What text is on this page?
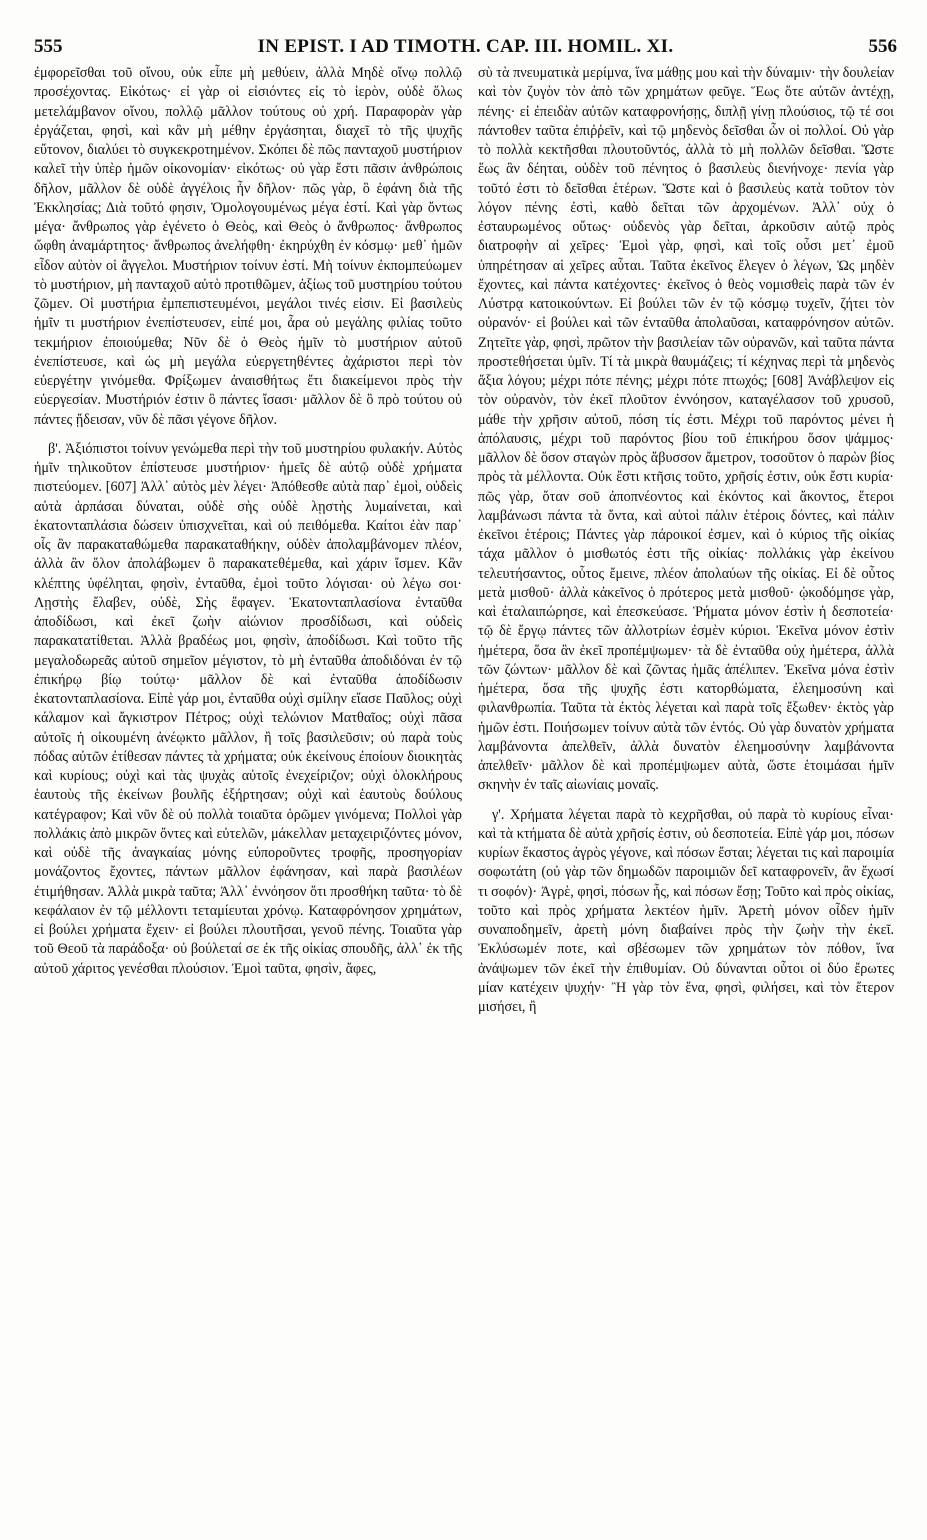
555	IN EPIST. I AD TIMOTH. CAP. III. HOMIL. XI.	556

ἐμφορεῖσθαι τοῦ οἴνου, οὐκ εἶπε μὴ μεθύειν, ἀλλὰ Μηδὲ οἴνῳ πολλῷ προσέχοντας. Εἰκότως· εἰ γὰρ οἱ εἰσιόντες εἰς τὸ ἱερὸν, οὐδὲ ὅλως μετελάμβανον οἴνου, πολλῷ μᾶλλον τούτους οὐ χρή. Παραφορὰν γὰρ ἐργάζεται, φησὶ, καὶ κἂν μὴ μέθην ἐργάσηται, διαχεῖ τὸ τῆς ψυχῆς εὔτονον, διαλύει τὸ συγκεκροτημένον. Σκόπει δὲ πῶς πανταχοῦ μυστήριον καλεῖ τὴν ὑπὲρ ἡμῶν οἰκονομίαν· εἰκότως· οὐ γὰρ ἔστι πᾶσιν ἀνθρώποις δῆλον, μᾶλλον δὲ οὐδὲ ἀγγέλοις ἦν δῆλον· πῶς γὰρ, ὃ ἐφάνη διὰ τῆς Ἐκκλησίας; Διὰ τοῦτό φησιν, Ὁμολογουμένως μέγα ἐστί. Καὶ γὰρ ὄντως μέγα· ἄνθρωπος γὰρ ἐγένετο ὁ Θεὸς, καὶ Θεὸς ὁ ἄνθρωπος· ἄνθρωπος ὤφθη ἀναμάρτητος· ἄνθρωπος ἀνελήφθη· ἐκηρύχθη ἐν κόσμῳ· μεθ᾽ ἡμῶν εἶδον αὐτὸν οἱ ἄγγελοι. Μυστήριον τοίνυν ἐστί. Μὴ τοίνυν ἐκπομπεύωμεν τὸ μυστήριον, μὴ πανταχοῦ αὐτὸ προτιθῶμεν, ἀξίως τοῦ μυστηρίου τούτου ζῶμεν. Οἱ μυστήρια ἐμπεπιστευμένοι, μεγάλοι τινές εἰσιν. Εἰ βασιλεὺς ἡμῖν τι μυστήριον ἐνεπίστευσεν, εἰπέ μοι, ἆρα οὐ μεγάλης φιλίας τοῦτο τεκμήριον ἐποιούμεθα; Νῦν δὲ ὁ Θεὸς ἡμῖν τὸ μυστήριον αὐτοῦ ἐνεπίστευσε, καὶ ὡς μὴ μεγάλα εὐεργετηθέντες ἀχάριστοι περὶ τὸν εὐεργέτην γινόμεθα. Φρίξωμεν ἀναισθήτως ἔτι διακείμενοι πρὸς τὴν εὐεργεσίαν. Μυστήριόν ἐστιν ὃ πάντες ἴσασι· μᾶλλον δὲ ὃ πρὸ τούτου οὐ πάντες ᾔδεισαν, νῦν δὲ πᾶσι γέγονε δῆλον.

β'. Ἀξιόπιστοι τοίνυν γενώμεθα περὶ τὴν τοῦ μυστηρίου φυλακήν. Αὐτὸς ἡμῖν τηλικοῦτον ἐπίστευσε μυστήριον· ἡμεῖς δὲ αὐτῷ οὐδὲ χρήματα πιστεύομεν. [607] Ἀλλ᾽ αὐτὸς μὲν λέγει· Ἀπόθεσθε αὐτὰ παρ᾽ ἐμοὶ, οὐδεὶς αὐτὰ ἁρπάσαι δύναται, οὐδὲ σὴς οὐδὲ λῃστὴς λυμαίνεται, καὶ ἑκατονταπλάσια δώσειν ὑπισχνεῖται, καὶ οὐ πειθόμεθα. Καίτοι ἐὰν παρ᾽ οἷς ἂν παρακαταθώμεθα παρακαταθήκην, οὐδὲν ἀπολαμβάνομεν πλέον, ἀλλὰ ἂν ὅλον ἀπολάβωμεν ὃ παρακατεθέμεθα, καὶ χάριν ἴσμεν. Κἂν κλέπτης ὑφέληται, φησὶν, ἐνταῦθα, ἐμοὶ τοῦτο λόγισαι· οὐ λέγω σοι· Λῃστὴς ἔλαβεν, οὐδὲ, Σὴς ἔφαγεν. Ἑκατονταπλασίονα ἐνταῦθα ἀποδίδωσι, καὶ ἐκεῖ ζωὴν αἰώνιον προσδίδωσι, καὶ οὐδεὶς παρακατατίθεται. Ἀλλὰ βραδέως μοι, φησὶν, ἀποδίδωσι. Καὶ τοῦτο τῆς μεγαλοδωρεᾶς αὐτοῦ σημεῖον μέγιστον, τὸ μὴ ἐνταῦθα ἀποδιδόναι ἐν τῷ ἐπικήρῳ βίῳ τούτῳ· μᾶλλον δὲ καὶ ἐνταῦθα ἀποδίδωσιν ἑκατονταπλασίονα. Εἰπὲ γάρ μοι, ἐνταῦθα οὐχὶ σμίλην εἴασε Παῦλος; οὐχὶ κάλαμον καὶ ἄγκιστρον Πέτρος; οὐχὶ τελώνιον Ματθαῖος; οὐχὶ πᾶσα αὐτοῖς ἡ οἰκουμένη ἀνέῳκτο μᾶλλον, ἢ τοῖς βασιλεῦσιν; οὐ παρὰ τοὺς πόδας αὐτῶν ἐτίθεσαν πάντες τὰ χρήματα; οὐκ ἐκείνους ἐποίουν διοικητὰς καὶ κυρίους; οὐχὶ καὶ τὰς ψυχὰς αὐτοῖς ἐνεχείριζον; οὐχὶ ὁλοκλήρους ἑαυτοὺς τῆς ἐκείνων βουλῆς ἐξήρτησαν; οὐχὶ καὶ ἑαυτοὺς δούλους κατέγραφον; Καὶ νῦν δὲ οὐ πολλὰ τοιαῦτα ὁρῶμεν γινόμενα; Πολλοὶ γὰρ πολλάκις ἀπὸ μικρῶν ὄντες καὶ εὐτελῶν, μάκελλαν μεταχειριζόντες μόνον, καὶ οὐδὲ τῆς ἀναγκαίας μόνης εὐποροῦντες τροφῆς, προσηγορίαν μονάζοντος ἔχοντες, πάντων μᾶλλον ἐφάνησαν, καὶ παρὰ βασιλέων ἐτιμήθησαν. Ἀλλὰ μικρὰ ταῦτα; Ἀλλ᾽ ἐννόησον ὅτι προσθήκη ταῦτα· τὸ δὲ κεφάλαιον ἐν τῷ μέλλοντι τεταμίευται χρόνῳ. Καταφρόνησον χρημάτων, εἰ βούλει χρήματα ἔχειν· εἰ βούλει πλουτῆσαι, γενοῦ πένης. Τοιαῦτα γὰρ τοῦ Θεοῦ τὰ παράδοξα· οὐ βούλεταί σε ἐκ τῆς οἰκίας σπουδῆς, ἀλλ᾽ ἐκ τῆς αὐτοῦ χάριτος γενέσθαι πλούσιον. Ἐμοὶ ταῦτα, φησὶν, ἄφες,

σὺ τὰ πνευματικὰ μερίμνα, ἵνα μάθῃς μου καὶ τὴν δύναμιν· τὴν δουλείαν καὶ τὸν ζυγὸν τὸν ἀπὸ τῶν χρημάτων φεῦγε. Ἕως ὅτε αὐτῶν ἀντέχῃ, πένης· εἰ ἐπειδὰν αὐτῶν καταφρονήσῃς, διπλῇ γίνῃ πλούσιος, τῷ τέ σοι πάντοθεν ταῦτα ἐπιῤῥεῖν, καὶ τῷ μηδενὸς δεῖσθαι ὧν οἱ πολλοί. Οὐ γὰρ τὸ πολλὰ κεκτῆσθαι πλουτοῦντός, ἀλλὰ τὸ μὴ πολλῶν δεῖσθαι. Ὥστε ἕως ἂν δέηται, οὐδὲν τοῦ πένητος ὁ βασιλεὺς διενήνοχε· πενία γὰρ τοῦτό ἐστι τὸ δεῖσθαι ἑτέρων. Ὥστε καὶ ὁ βασιλεὺς κατὰ τοῦτον τὸν λόγον πένης ἐστὶ, καθὸ δεῖται τῶν ἀρχομένων. Ἀλλ᾽ οὐχ ὁ ἐσταυρωμένος οὕτως· οὐδενὸς γὰρ δεῖται, ἀρκοῦσιν αὐτῷ πρὸς διατροφὴν αἱ χεῖρες· Ἐμοὶ γὰρ, φησὶ, καὶ τοῖς οὖσι μετ᾽ ἐμοῦ ὑπηρέτησαν αἱ χεῖρες αὗται. Ταῦτα ἐκεῖνος ἔλεγεν ὁ λέγων, Ὡς μηδὲν ἔχοντες, καὶ πάντα κατέχοντες· ἐκεῖνος ὁ θεὸς νομισθεὶς παρὰ τῶν ἐν Λύστρᾳ κατοικούντων. Εἰ βούλει τῶν ἐν τῷ κόσμῳ τυχεῖν, ζήτει τὸν οὐρανόν· εἰ βούλει καὶ τῶν ἐνταῦθα ἀπολαῦσαι, καταφρόνησον αὐτῶν. Ζητεῖτε γὰρ, φησὶ, πρῶτον τὴν βασιλείαν τῶν οὐρανῶν, καὶ ταῦτα πάντα προστεθήσεται ὑμῖν. Τί τὰ μικρὰ θαυμάζεις; τί κέχηνας περὶ τὰ μηδενὸς ἄξια λόγου; μέχρι πότε πένης; μέχρι πότε πτωχός; [608] Ἀνάβλεψον εἰς τὸν οὐρανὸν, τὸν ἐκεῖ πλοῦτον ἐννόησον, καταγέλασον τοῦ χρυσοῦ, μάθε τὴν χρῆσιν αὐτοῦ, πόση τίς ἐστι. Μέχρι τοῦ παρόντος μένει ἡ ἀπόλαυσις, μέχρι τοῦ παρόντος βίου τοῦ ἐπικήρου ὅσον ψάμμος· μᾶλλον δὲ ὅσον σταγὼν πρὸς ἄβυσσον ἄμετρον, τοσοῦτον ὁ παρὼν βίος πρὸς τὰ μέλλοντα. Οὐκ ἔστι κτῆσις τοῦτο, χρῆσίς ἐστιν, οὐκ ἔστι κυρία· πῶς γὰρ, ὅταν σοῦ ἀποπνέοντος καὶ ἑκόντος καὶ ἄκοντος, ἕτεροι λαμβάνωσι πάντα τὰ ὄντα, καὶ αὐτοὶ πάλιν ἑτέροις δόντες, καὶ πάλιν ἐκεῖνοι ἑτέροις; Πάντες γὰρ πάροικοί ἐσμεν, καὶ ὁ κύριος τῆς οἰκίας τάχα μᾶλλον ὁ μισθωτός ἐστι τῆς οἰκίας· πολλάκις γὰρ ἐκείνου τελευτήσαντος, οὗτος ἔμεινε, πλέον ἀπολαύων τῆς οἰκίας. Εἰ δὲ οὗτος μετὰ μισθοῦ· ἀλλὰ κἀκεῖνος ὁ πρότερος μετὰ μισθοῦ· ᾠκοδόμησε γὰρ, καὶ ἐταλαιπώρησε, καὶ ἐπεσκεύασε. Ῥήματα μόνον ἐστὶν ἡ δεσποτεία· τῷ δὲ ἔργῳ πάντες τῶν ἀλλοτρίων ἐσμὲν κύριοι. Ἐκεῖνα μόνον ἐστὶν ἡμέτερα, ὅσα ἂν ἐκεῖ προπέμψωμεν· τὰ δὲ ἐνταῦθα οὐχ ἡμέτερα, ἀλλὰ τῶν ζώντων· μᾶλλον δὲ καὶ ζῶντας ἡμᾶς ἀπέλιπεν. Ἐκεῖνα μόνα ἐστὶν ἡμέτερα, ὅσα τῆς ψυχῆς ἐστι κατορθώματα, ἐλεημοσύνη καὶ φιλανθρωπία. Ταῦτα τὰ ἐκτὸς λέγεται καὶ παρὰ τοῖς ἔξωθεν· ἐκτὸς γὰρ ἡμῶν ἐστι. Ποιήσωμεν τοίνυν αὐτὰ τῶν ἐντός. Οὐ γὰρ δυνατὸν χρήματα λαμβάνοντα ἀπελθεῖν, ἀλλὰ δυνατὸν ἐλεημοσύνην λαμβάνοντα ἀπελθεῖν· μᾶλλον δὲ καὶ προπέμψωμεν αὐτὰ, ὥστε ἑτοιμάσαι ἡμῖν σκηνὴν ἐν ταῖς αἰωνίαις μοναῖς.

γ'. Χρήματα λέγεται παρὰ τὸ κεχρῆσθαι, οὐ παρὰ τὸ κυρίους εἶναι· καὶ τὰ κτήματα δὲ αὐτὰ χρῆσίς ἐστιν, οὐ δεσποτεία. Εἰπὲ γάρ μοι, πόσων κυρίων ἕκαστος ἀγρὸς γέγονε, καὶ πόσων ἔσται; λέγεται τις καὶ παροιμία σοφωτάτη (οὐ γὰρ τῶν δημωδῶν παροιμιῶν δεῖ καταφρονεῖν, ἂν ἔχωσί τι σοφόν)· Ἀγρὲ, φησὶ, πόσων ἦς, καὶ πόσων ἔσῃ; Τοῦτο καὶ πρὸς οἰκίας, τοῦτο καὶ πρὸς χρήματα λεκτέον ἡμῖν. Ἀρετὴ μόνον οἶδεν ἡμῖν συναποδημεῖν, ἀρετὴ μόνη διαβαίνει πρὸς τὴν ζωὴν τὴν ἐκεῖ. Ἐκλύσωμέν ποτε, καὶ σβέσωμεν τῶν χρημάτων τὸν πόθον, ἵνα ἀνάψωμεν τῶν ἐκεῖ τὴν ἐπιθυμίαν. Οὐ δύνανται οὗτοι οἱ δύο ἔρωτες μίαν κατέχειν ψυχήν· Ἢ γὰρ τὸν ἕνα, φησὶ, φιλήσει, καὶ τὸν ἕτερον μισήσει, ἢ
